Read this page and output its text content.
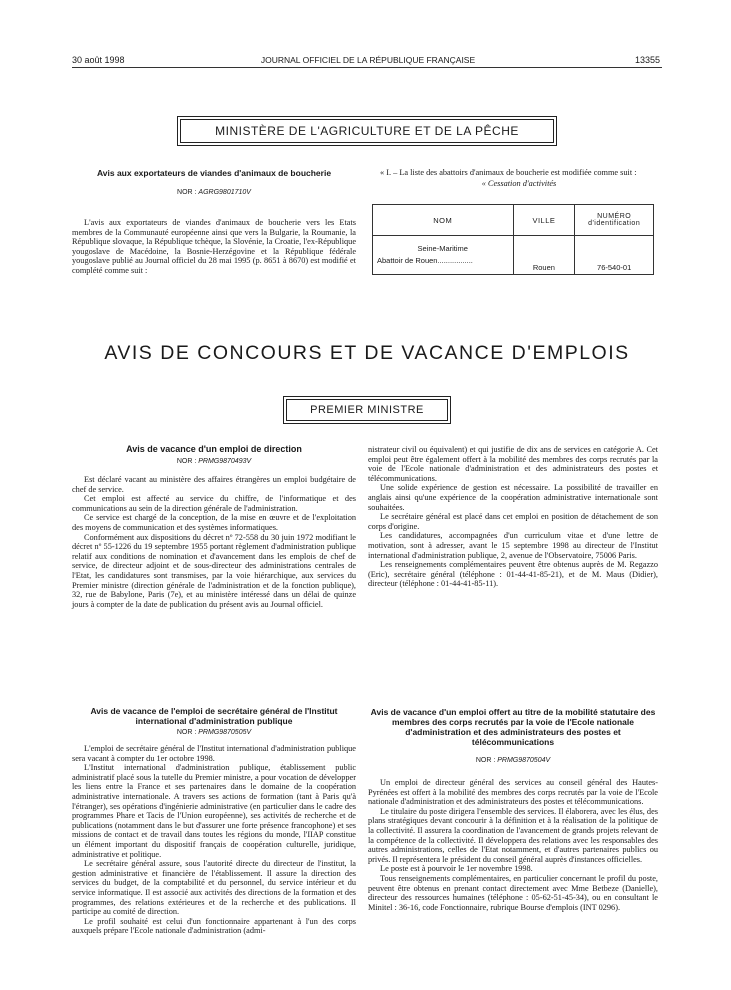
30 août 1998	JOURNAL OFFICIEL DE LA RÉPUBLIQUE FRANÇAISE	13355
MINISTÈRE DE L'AGRICULTURE ET DE LA PÊCHE
Avis aux exportateurs de viandes d'animaux de boucherie
NOR : AGRG9801710V

L'avis aux exportateurs de viandes d'animaux de boucherie vers les Etats membres de la Communauté européenne ainsi que vers la Bulgarie, la Roumanie, la République slovaque, la République tchèque, la Slovénie, la Croatie, l'ex-République yougoslave de Macédoine, la Bosnie-Herzégovine et la République fédérale yougoslave publié au Journal officiel du 28 mai 1995 (p. 8651 à 8670) est modifié et complété comme suit :

« I. – La liste des abattoirs d'animaux de boucherie est modifiée comme suit :

« Cessation d'activités

NOM	VILLE	NUMÉRO d'identification

Seine-Maritime
Abattoir de Rouen.................	Rouen	76-540-01
AVIS DE CONCOURS ET DE VACANCE D'EMPLOIS
PREMIER MINISTRE
Avis de vacance d'un emploi de direction
NOR : PRMG9870493V

Est déclaré vacant au ministère des affaires étrangères un emploi budgétaire de chef de service.

Cet emploi est affecté au service du chiffre, de l'informatique et des communications au sein de la direction générale de l'administration.

Ce service est chargé de la conception, de la mise en œuvre et de l'exploitation des moyens de communication et des systèmes informatiques.

Conformément aux dispositions du décret nº 72-558 du 30 juin 1972 modifiant le décret nº 55-1226 du 19 septembre 1955 portant règlement d'administration publique relatif aux conditions de nomination et d'avancement dans les emplois de chef de service, de directeur adjoint et de sous-directeur des administrations centrales de l'Etat, les candidatures sont transmises, par la voie hiérarchique, aux services du Premier ministre (direction générale de l'administration et de la fonction publique), 32, rue de Babylone, Paris (7e), et au ministère intéressé dans un délai de quinze jours à compter de la date de publication du présent avis au Journal officiel.

nistrateur civil ou équivalent) et qui justifie de dix ans de services en catégorie A. Cet emploi peut être également offert à la mobilité des membres des corps recrutés par la voie de l'Ecole nationale d'administration et des administrateurs des postes et télécommunications.

Une solide expérience de gestion est nécessaire. La possibilité de travailler en anglais ainsi qu'une expérience de la coopération administrative internationale sont souhaitées.

Le secrétaire général est placé dans cet emploi en position de détachement de son corps d'origine.

Les candidatures, accompagnées d'un curriculum vitae et d'une lettre de motivation, sont à adresser, avant le 15 septembre 1998 au directeur de l'Institut international d'administration publique, 2, avenue de l'Observatoire, 75006 Paris.

Les renseignements complémentaires peuvent être obtenus auprès de M. Regazzo (Eric), secrétaire général (téléphone : 01-44-41-85-21), et de M. Maus (Didier), directeur (téléphone : 01-44-41-85-11).

Avis de vacance de l'emploi de secrétaire général de l'Institut international d'administration publique
NOR : PRMG9870505V

L'emploi de secrétaire général de l'Institut international d'administration publique sera vacant à compter du 1er octobre 1998.

L'Institut international d'administration publique, établissement public administratif placé sous la tutelle du Premier ministre, a pour vocation de développer les liens entre la France et ses partenaires dans le domaine de la coopération administrative internationale. A travers ses actions de formation (tant à Paris qu'à l'étranger), ses opérations d'ingénierie administrative (en particulier dans le cadre des programmes Phare et Tacis de l'Union européenne), ses activités de recherche et de publications (notamment dans le but d'assurer une forte présence francophone) et ses missions de contact et de travail dans toutes les régions du monde, l'IIAP constitue un élément important du dispositif français de coopération culturelle, juridique, administrative et politique.

Le secrétaire général assure, sous l'autorité directe du directeur de l'institut, la gestion administrative et financière de l'établissement. Il assure la direction des services du budget, de la comptabilité et du personnel, du service intérieur et du service informatique. Il est associé aux activités des directions de la formation et des programmes, des relations extérieures et de la recherche et des publications. Il participe au comité de direction.

Le profil souhaité est celui d'un fonctionnaire appartenant à l'un des corps auxquels prépare l'Ecole nationale d'administration (admi-

Avis de vacance d'un emploi offert au titre de la mobilité statutaire des membres des corps recrutés par la voie de l'Ecole nationale d'administration et des administrateurs des postes et télécommunications
NOR : PRMG9870504V

Un emploi de directeur général des services au conseil général des Hautes-Pyrénées est offert à la mobilité des membres des corps recrutés par la voie de l'Ecole nationale d'administration et des administrateurs des postes et télécommunications.

Le titulaire du poste dirigera l'ensemble des services. Il élaborera, avec les élus, des plans stratégiques devant concourir à la définition et à la réalisation de la politique de la collectivité. Il assurera la coordination de l'avancement de grands projets relevant de la compétence de la collectivité. Il développera des relations avec les responsables des autres administrations, celles de l'Etat notamment, et d'autres partenaires publics ou privés. Il représentera le président du conseil général auprès d'instances officielles.

Le poste est à pourvoir le 1er novembre 1998.

Tous renseignements complémentaires, en particulier concernant le profil du poste, peuvent être obtenus en prenant contact directement avec Mme Betbeze (Danielle), directeur des ressources humaines (téléphone : 05-62-51-45-34), ou en consultant le Minitel : 36-16, code Fonctionnaire, rubrique Bourse d'emplois (INT 0296).
